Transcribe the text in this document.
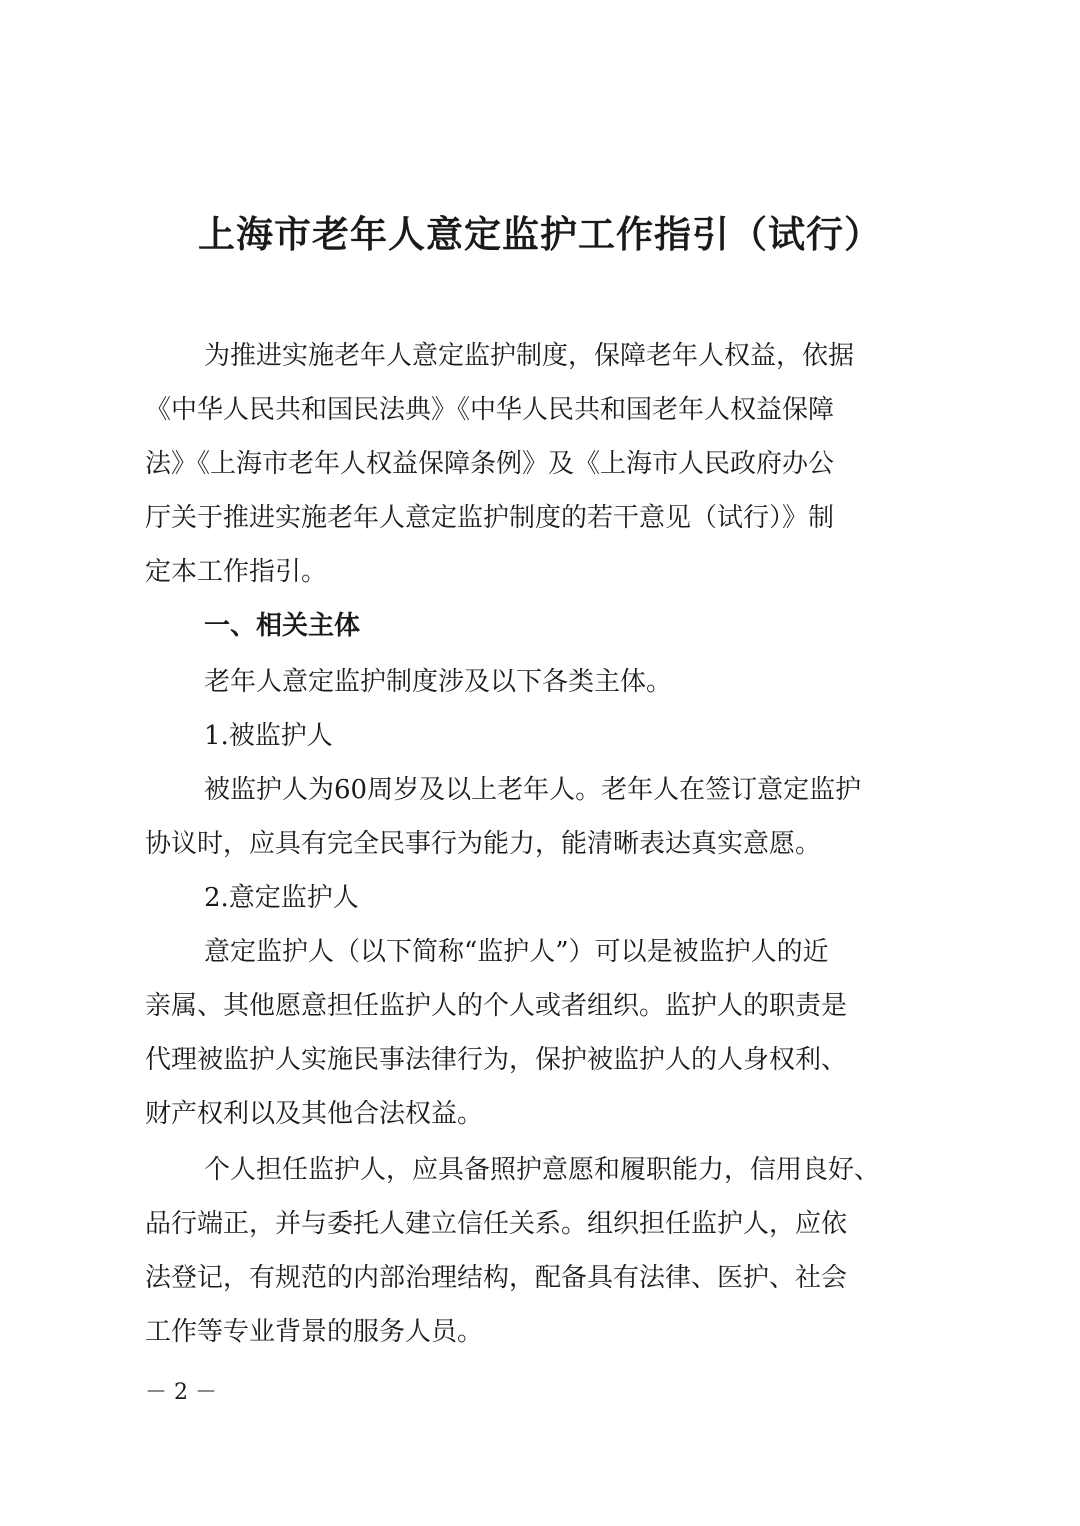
上海市老年人意定监护工作指引（试行）
为推进实施老年人意定监护制度，保障老年人权益，依据
《中华人民共和国民法典》《中华人民共和国老年人权益保障
法》《上海市老年人权益保障条例》及《上海市人民政府办公
厅关于推进实施老年人意定监护制度的若干意见（试行）》制
定本工作指引。
一、相关主体
老年人意定监护制度涉及以下各类主体。
1.被监护人
被监护人为60周岁及以上老年人。老年人在签订意定监护
协议时，应具有完全民事行为能力，能清晰表达真实意愿。
2.意定监护人
意定监护人（以下简称“监护人”）可以是被监护人的近
亲属、其他愿意担任监护人的个人或者组织。监护人的职责是
代理被监护人实施民事法律行为，保护被监护人的人身权利、
财产权利以及其他合法权益。
个人担任监护人，应具备照护意愿和履职能力，信用良好、
品行端正，并与委托人建立信任关系。组织担任监护人，应依
法登记，有规范的内部治理结构，配备具有法律、医护、社会
工作等专业背景的服务人员。
－ 2 －
